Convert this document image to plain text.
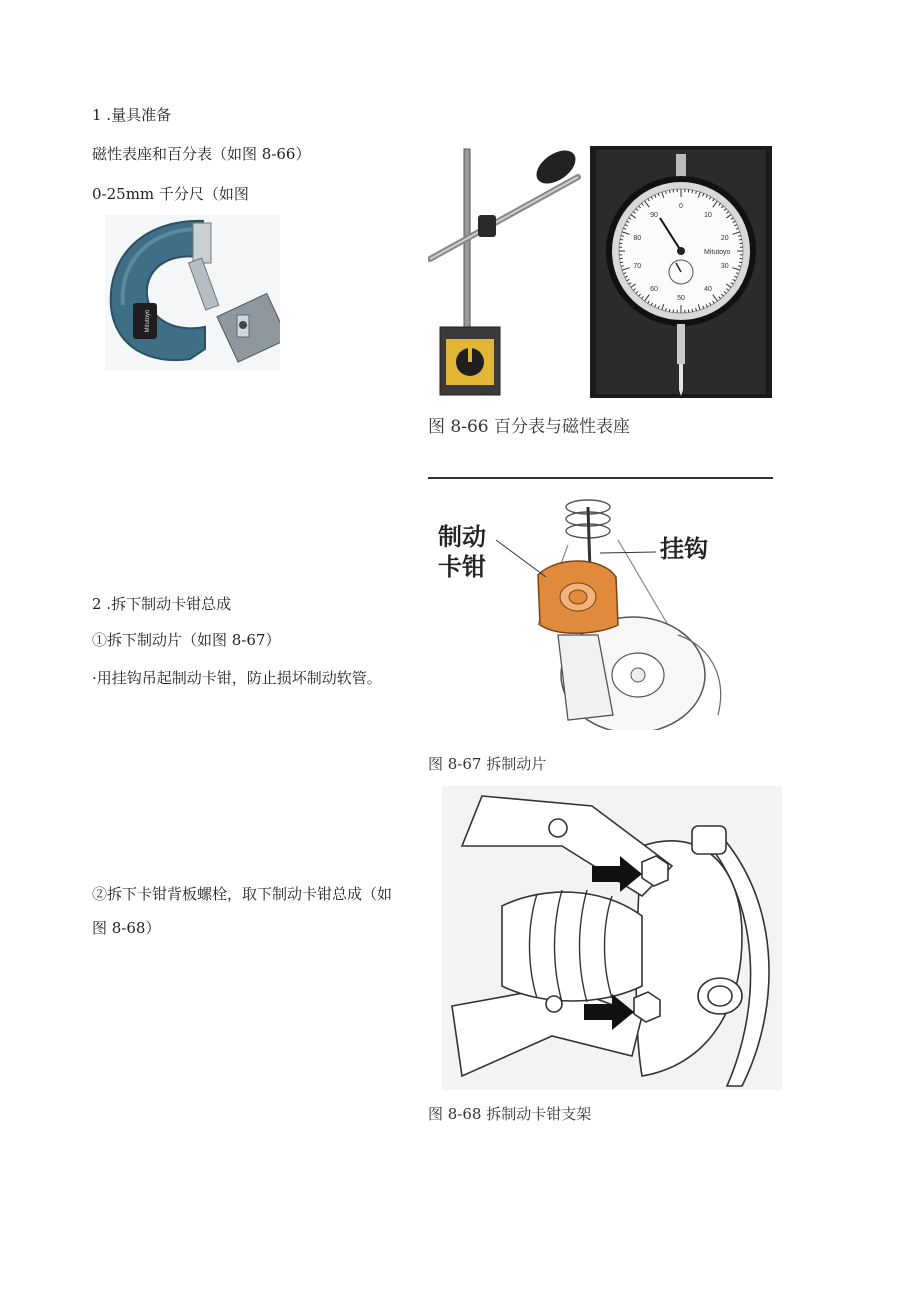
1 .量具准备
磁性表座和百分表（如图 8-66）
0-25mm 千分尺（如图
Mitutoyo
2 .拆下制动卡钳总成
①拆下制动片（如图 8-67）
·用挂钩吊起制动卡钳，防止损坏制动软管。
②拆下卡钳背板螺栓，取下制动卡钳总成（如
图 8-68）
0
10
20
30
40
50
60
70
80
90
Mitutoyo
图 8-66 百分表与磁性表座
制动
卡钳
挂钩
图 8-67 拆制动片
图 8-68 拆制动卡钳支架
